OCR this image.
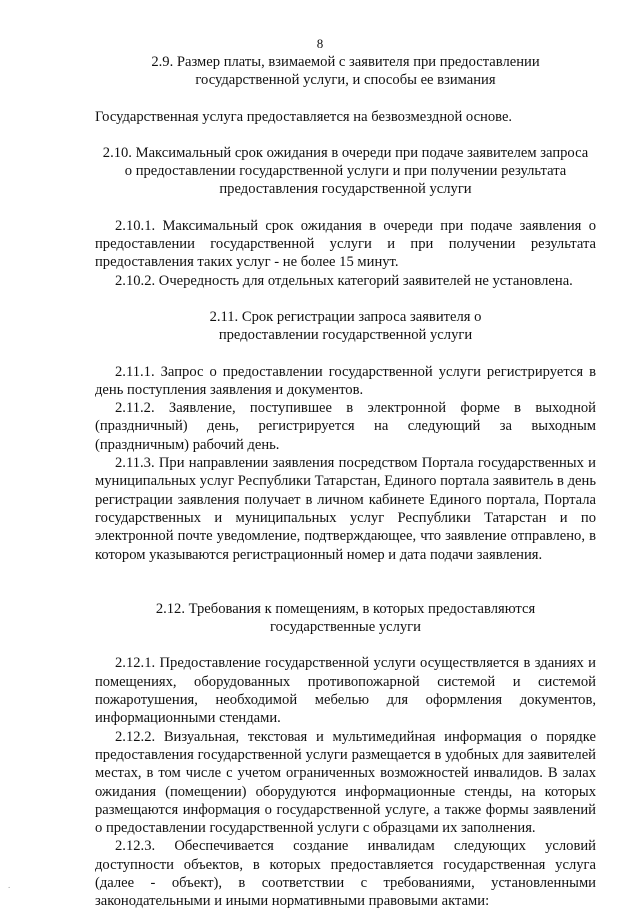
8
2.9. Размер платы, взимаемой с заявителя при предоставлении
государственной услуги, и способы ее взимания

Государственная услуга предоставляется на безвозмездной основе.

2.10. Максимальный срок ожидания в очереди при подаче заявителем запроса
о предоставлении государственной услуги и при получении результата
предоставления государственной услуги

2.10.1. Максимальный срок ожидания в очереди при подаче заявления о предоставлении государственной услуги и при получении результата предоставления таких услуг - не более 15 минут.

2.10.2. Очередность для отдельных категорий заявителей не установлена.

2.11. Срок регистрации запроса заявителя о
предоставлении государственной услуги

2.11.1. Запрос о предоставлении государственной услуги регистрируется в день поступления заявления и документов.

2.11.2. Заявление, поступившее в электронной форме в выходной (праздничный) день, регистрируется на следующий за выходным (праздничным) рабочий день.

2.11.3. При направлении заявления посредством Портала государственных и муниципальных услуг Республики Татарстан, Единого портала заявитель в день регистрации заявления получает в личном кабинете Единого портала, Портала государственных и муниципальных услуг Республики Татарстан и по электронной почте уведомление, подтверждающее, что заявление отправлено, в котором указываются регистрационный номер и дата подачи заявления.

2.12. Требования к помещениям, в которых предоставляются
государственные услуги

2.12.1. Предоставление государственной услуги осуществляется в зданиях и помещениях, оборудованных противопожарной системой и системой пожаротушения, необходимой мебелью для оформления документов, информационными стендами.

2.12.2. Визуальная, текстовая и мультимедийная информация о порядке предоставления государственной услуги размещается в удобных для заявителей местах, в том числе с учетом ограниченных возможностей инвалидов. В залах ожидания (помещении) оборудуются информационные стенды, на которых размещаются информация о государственной услуге, а также формы заявлений о предоставлении государственной услуги с образцами их заполнения.

2.12.3. Обеспечивается создание инвалидам следующих условий доступности объектов, в которых предоставляется государственная услуга (далее - объект), в соответствии с требованиями, установленными законодательными и иными нормативными правовыми актами:

.
